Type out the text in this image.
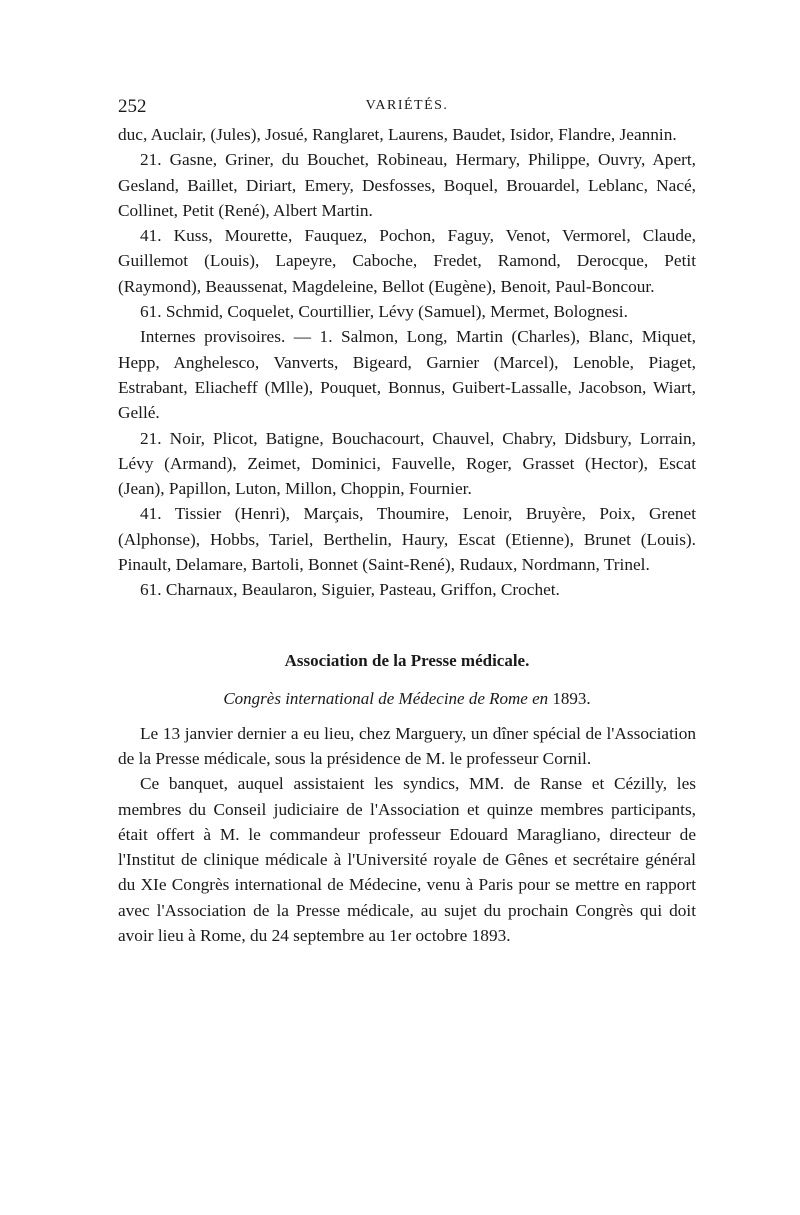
252	VARIÉTÉS.

duc, Auclair, (Jules), Josué, Ranglaret, Laurens, Baudet, Isidor, Flandre, Jeannin.

21. Gasne, Griner, du Bouchet, Robineau, Hermary, Philippe, Ouvry, Apert, Gesland, Baillet, Diriart, Emery, Desfosses, Boquel, Brouardel, Leblanc, Nacé, Collinet, Petit (René), Albert Martin.

41. Kuss, Mourette, Fauquez, Pochon, Faguy, Venot, Vermorel, Claude, Guillemot (Louis), Lapeyre, Caboche, Fredet, Ramond, Derocque, Petit (Raymond), Beaussenat, Magdeleine, Bellot (Eugène), Benoit, Paul-Boncour.

61. Schmid, Coquelet, Courtillier, Lévy (Samuel), Mermet, Bolognesi.

Internes provisoires. — 1. Salmon, Long, Martin (Charles), Blanc, Miquet, Hepp, Anghelesco, Vanverts, Bigeard, Garnier (Marcel), Lenoble, Piaget, Estrabant, Eliacheff (Mlle), Pouquet, Bonnus, Guibert-Lassalle, Jacobson, Wiart, Gellé.

21. Noir, Plicot, Batigne, Bouchacourt, Chauvel, Chabry, Didsbury, Lorrain, Lévy (Armand), Zeimet, Dominici, Fauvelle, Roger, Grasset (Hector), Escat (Jean), Papillon, Luton, Millon, Choppin, Fournier.

41. Tissier (Henri), Marçais, Thoumire, Lenoir, Bruyère, Poix, Grenet (Alphonse), Hobbs, Tariel, Berthelin, Haury, Escat (Etienne), Brunet (Louis). Pinault, Delamare, Bartoli, Bonnet (Saint-René), Rudaux, Nordmann, Trinel.

61. Charnaux, Beaularon, Siguier, Pasteau, Griffon, Crochet.

Association de la Presse médicale.
Congrès international de Médecine de Rome en 1893.

Le 13 janvier dernier a eu lieu, chez Marguery, un dîner spécial de l'Association de la Presse médicale, sous la présidence de M. le professeur Cornil.

Ce banquet, auquel assistaient les syndics, MM. de Ranse et Cézilly, les membres du Conseil judiciaire de l'Association et quinze membres participants, était offert à M. le commandeur professeur Edouard Maragliano, directeur de l'Institut de clinique médicale à l'Université royale de Gênes et secrétaire général du XIe Congrès international de Médecine, venu à Paris pour se mettre en rapport avec l'Association de la Presse médicale, au sujet du prochain Congrès qui doit avoir lieu à Rome, du 24 septembre au 1er octobre 1893.
